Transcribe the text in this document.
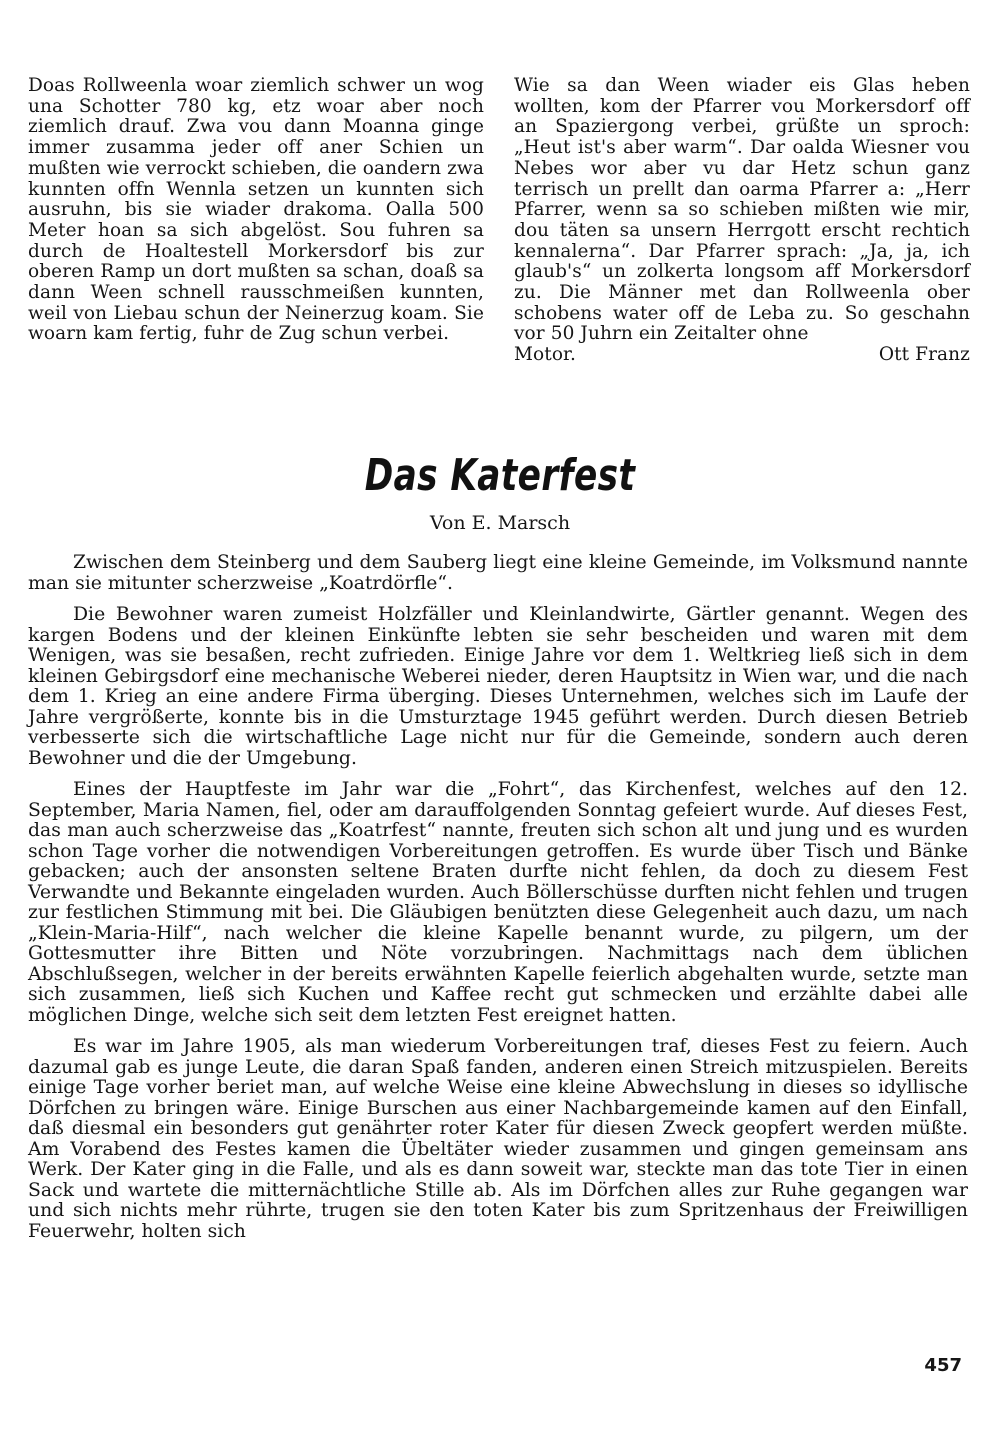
Doas Rollweenla woar ziemlich schwer un wog una Schotter 780 kg, etz woar aber noch ziemlich drauf. Zwa vou dann Moanna ginge immer zusamma jeder off aner Schien un mußten wie verrockt schieben, die oandern zwa kunnten offn Wennla setzen un kunnten sich ausruhn, bis sie wiader drakoma. Oalla 500 Meter hoan sa sich abgelöst. Sou fuhren sa durch de Hoaltestell Morkersdorf bis zur oberen Ramp un dort mußten sa schan, doaß sa dann Ween schnell rausschmeißen kunnten, weil von Liebau schun der Neinerzug koam. Sie woarn kam fertig, fuhr de Zug schun verbei.

Wie sa dan Ween wiader eis Glas heben wollten, kom der Pfarrer vou Morkersdorf off an Spaziergong verbei, grüßte un sproch: „Heut ist's aber warm“. Dar oalda Wiesner vou Nebes wor aber vu dar Hetz schun ganz terrisch un prellt dan oarma Pfarrer a: „Herr Pfarrer, wenn sa so schieben mißten wie mir, dou täten sa unsern Herrgott erscht rechtich kennalerna“. Dar Pfarrer sprach: „Ja, ja, ich glaub's“ un zolkerta longsom aff Morkersdorf zu. Die Männer met dan Rollweenla ober schobens water off de Leba zu. So geschahn vor 50 Juhrn ein Zeitalter ohne

Motor.	Ott Franz
Das Katerfest
Von E. Marsch

Zwischen dem Steinberg und dem Sauberg liegt eine kleine Gemeinde, im Volksmund nannte man sie mitunter scherzweise „Koatrdörfle“.

Die Bewohner waren zumeist Holzfäller und Kleinlandwirte, Gärtler genannt. Wegen des kargen Bodens und der kleinen Einkünfte lebten sie sehr bescheiden und waren mit dem Wenigen, was sie besaßen, recht zufrieden. Einige Jahre vor dem 1. Weltkrieg ließ sich in dem kleinen Gebirgsdorf eine mechanische Weberei nieder, deren Hauptsitz in Wien war, und die nach dem 1. Krieg an eine andere Firma überging. Dieses Unternehmen, welches sich im Laufe der Jahre vergrößerte, konnte bis in die Umsturztage 1945 geführt werden. Durch diesen Betrieb verbesserte sich die wirtschaftliche Lage nicht nur für die Gemeinde, sondern auch deren Bewohner und die der Umgebung.

Eines der Hauptfeste im Jahr war die „Fohrt“, das Kirchenfest, welches auf den 12. September, Maria Namen, fiel, oder am darauffolgenden Sonntag gefeiert wurde. Auf dieses Fest, das man auch scherzweise das „Koatrfest“ nannte, freuten sich schon alt und jung und es wurden schon Tage vorher die notwendigen Vorbereitungen getroffen. Es wurde über Tisch und Bänke gebacken; auch der ansonsten seltene Braten durfte nicht fehlen, da doch zu diesem Fest Verwandte und Bekannte eingeladen wurden. Auch Böllerschüsse durften nicht fehlen und trugen zur festlichen Stimmung mit bei. Die Gläubigen benützten diese Gelegenheit auch dazu, um nach „Klein-Maria-Hilf“, nach welcher die kleine Kapelle benannt wurde, zu pilgern, um der Gottesmutter ihre Bitten und Nöte vorzubringen. Nachmittags nach dem üblichen Abschlußsegen, welcher in der bereits erwähnten Kapelle feierlich abgehalten wurde, setzte man sich zusammen, ließ sich Kuchen und Kaffee recht gut schmecken und erzählte dabei alle möglichen Dinge, welche sich seit dem letzten Fest ereignet hatten.

Es war im Jahre 1905, als man wiederum Vorbereitungen traf, dieses Fest zu feiern. Auch dazumal gab es junge Leute, die daran Spaß fanden, anderen einen Streich mitzuspielen. Bereits einige Tage vorher beriet man, auf welche Weise eine kleine Abwechslung in dieses so idyllische Dörfchen zu bringen wäre. Einige Burschen aus einer Nachbargemeinde kamen auf den Einfall, daß diesmal ein besonders gut genährter roter Kater für diesen Zweck geopfert werden müßte. Am Vorabend des Festes kamen die Übeltäter wieder zusammen und gingen gemeinsam ans Werk. Der Kater ging in die Falle, und als es dann soweit war, steckte man das tote Tier in einen Sack und wartete die mitternächtliche Stille ab. Als im Dörfchen alles zur Ruhe gegangen war und sich nichts mehr rührte, trugen sie den toten Kater bis zum Spritzenhaus der Freiwilligen Feuerwehr, holten sich

457
